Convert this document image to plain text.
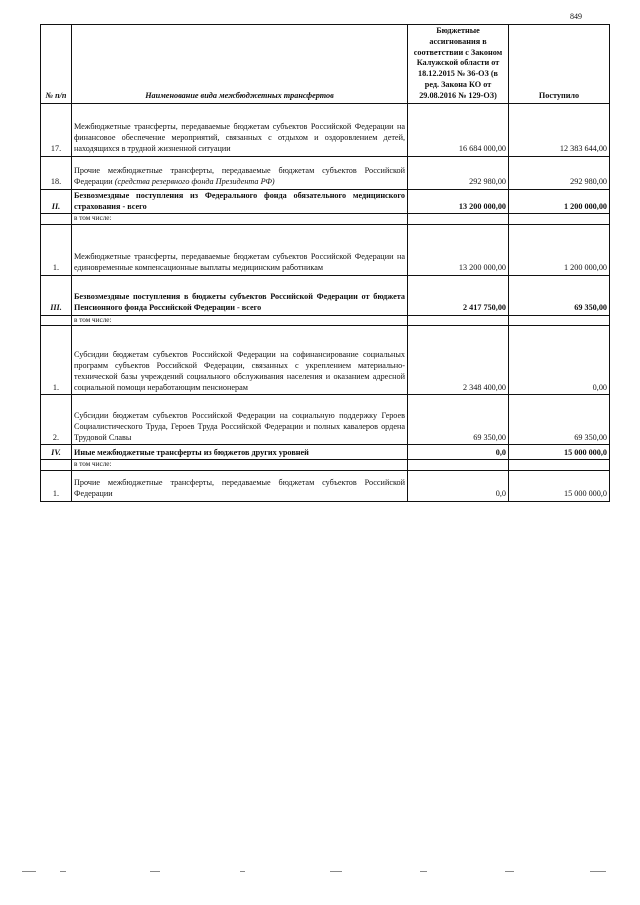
849
№ п/п	Наименование вида межбюджетных трансфертов	Бюджетные ассигнования в соответствии с Законом Калужской области от 18.12.2015 № 36-ОЗ (в ред. Закона КО от 29.08.2016 № 129-ОЗ)	Поступило
17.	Межбюджетные трансферты, передаваемые бюджетам субъектов Российской Федерации на финансовое обеспечение мероприятий, связанных с отдыхом и оздоровлением детей, находящихся в трудной жизненной ситуации	16 684 000,00	12 383 644,00
18.	Прочие межбюджетные трансферты, передаваемые бюджетам субъектов Российской Федерации (средства резервного фонда Президента РФ)	292 980,00	292 980,00
II.	Безвозмездные поступления из Федерального фонда обязательного медицинского страхования - всего	13 200 000,00	1 200 000,00
	в том числе:		
1.	Межбюджетные трансферты, передаваемые бюджетам субъектов Российской Федерации на единовременные компенсационные выплаты медицинским работникам	13 200 000,00	1 200 000,00
III.	Безвозмездные поступления в бюджеты субъектов Российской Федерации от бюджета Пенсионного фонда Российской Федерации - всего	2 417 750,00	69 350,00
	в том числе:		
1.	Субсидии бюджетам субъектов Российской Федерации на софинансирование социальных программ субъектов Российской Федерации, связанных с укреплением материально-технической базы учреждений социального обслуживания населения и оказанием адресной социальной помощи неработающим пенсионерам	2 348 400,00	0,00
2.	Субсидии бюджетам субъектов Российской Федерации на социальную поддержку Героев Социалистического Труда, Героев Труда Российской Федерации и полных кавалеров ордена Трудовой Славы	69 350,00	69 350,00
IV.	Иные межбюджетные трансферты из бюджетов других уровней	0,0	15 000 000,0
	в том числе:		
1.	Прочие межбюджетные трансферты, передаваемые бюджетам субъектов Российской Федерации	0,0	15 000 000,0
